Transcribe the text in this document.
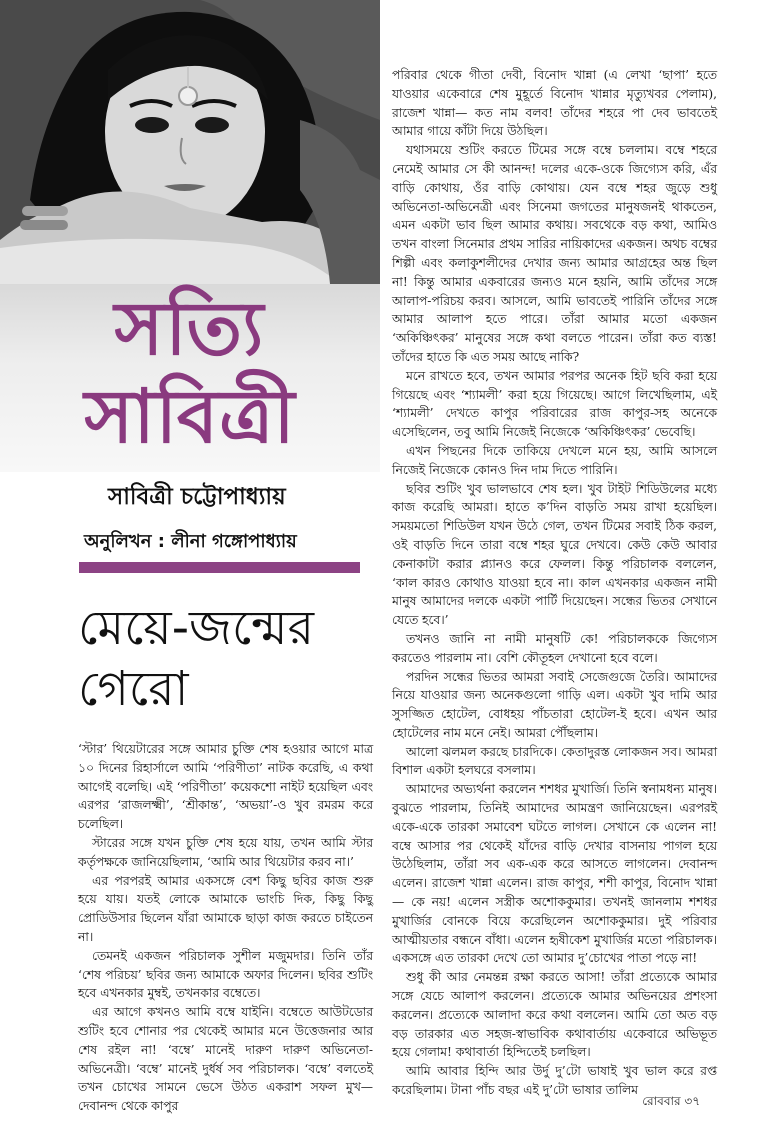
সত্যি
সাবিত্রী
সাবিত্রী চট্টোপাধ্যায়
অনুলিখন : লীনা গঙ্গোপাধ্যায়
মেয়ে-জন্মের
গেরো

‘স্টার’ থিয়েটারের সঙ্গে আমার চুক্তি শেষ হওয়ার আগে মাত্র ১০ দিনের রিহার্সালে আমি ‘পরিণীতা’ নাটক করেছি, এ কথা আগেই বলেছি। এই ‘পরিণীতা’ কয়েকশো নাইট হয়েছিল এবং এরপর ‘রাজলক্ষ্মী’, ‘শ্রীকান্ত’, ‘অভয়া’-ও খুব রমরম করে চলেছিল।

স্টারের সঙ্গে যখন চুক্তি শেষ হয়ে যায়, তখন আমি স্টার কর্তৃপক্ষকে জানিয়েছিলাম, ‘আমি আর থিয়েটার করব না।’

এর পরপরই আমার একসঙ্গে বেশ কিছু ছবির কাজ শুরু হয়ে যায়। যতই লোকে আমাকে ভাংচি দিক, কিছু কিছু প্রোডিউসার ছিলেন যাঁরা আমাকে ছাড়া কাজ করতে চাইতেন না।

তেমনই একজন পরিচালক সুশীল মজুমদার। তিনি তাঁর ‘শেষ পরিচয়’ ছবির জন্য আমাকে অফার দিলেন। ছবির শুটিং হবে এখনকার মুম্বই, তখনকার বম্বেতে।

এর আগে কখনও আমি বম্বে যাইনি। বম্বেতে আউটডোর শুটিং হবে শোনার পর থেকেই আমার মনে উত্তেজনার আর শেষ রইল না! ‘বম্বে’ মানেই দারুণ দারুণ অভিনেতা-অভিনেত্রী। ‘বম্বে’ মানেই দুর্ধর্ষ সব পরিচালক। ‘বম্বে’ বলতেই তখন চোখের সামনে ভেসে উঠত একরাশ সফল মুখ— দেবানন্দ থেকে কাপুর

পরিবার থেকে গীতা দেবী, বিনোদ খান্না (এ লেখা ‘ছাপা’ হতে যাওয়ার একেবারে শেষ মুহূর্তে বিনোদ খান্নার মৃত্যুখবর পেলাম), রাজেশ খান্না— কত নাম বলব! তাঁদের শহরে পা দেব ভাবতেই আমার গায়ে কাঁটা দিয়ে উঠছিল।

যথাসময়ে শুটিং করতে টিমের সঙ্গে বম্বে চললাম। বম্বে শহরে নেমেই আমার সে কী আনন্দ! দলের একে-ওকে জিগ্যেস করি, এঁর বাড়ি কোথায়, ওঁর বাড়ি কোথায়। যেন বম্বে শহর জুড়ে শুধু অভিনেতা-অভিনেত্রী এবং সিনেমা জগতের মানুষজনই থাকতেন, এমন একটা ভাব ছিল আমার কথায়। সবথেকে বড় কথা, আমিও তখন বাংলা সিনেমার প্রথম সারির নায়িকাদের একজন। অথচ বম্বের শিল্পী এবং কলাকুশলীদের দেখার জন্য আমার আগ্রহের অন্ত ছিল না! কিন্তু আমার একবারের জন্যও মনে হয়নি, আমি তাঁদের সঙ্গে আলাপ-পরিচয় করব। আসলে, আমি ভাবতেই পারিনি তাঁদের সঙ্গে আমার আলাপ হতে পারে। তাঁরা আমার মতো একজন ‘অকিঞ্চিৎকর’ মানুষের সঙ্গে কথা বলতে পারেন। তাঁরা কত ব্যস্ত! তাঁদের হাতে কি এত সময় আছে নাকি?

মনে রাখতে হবে, তখন আমার পরপর অনেক হিট ছবি করা হয়ে গিয়েছে এবং ‘শ্যামলী’ করা হয়ে গিয়েছে। আগে লিখেছিলাম, এই ‘শ্যামলী’ দেখতে কাপুর পরিবারের রাজ কাপুর-সহ অনেকে এসেছিলেন, তবু আমি নিজেই নিজেকে ‘অকিঞ্চিৎকর’ ভেবেছি।

এখন পিছনের দিকে তাকিয়ে দেখলে মনে হয়, আমি আসলে নিজেই নিজেকে কোনও দিন দাম দিতে পারিনি।

ছবির শুটিং খুব ভালভাবে শেষ হল। খুব টাইট শিডিউলের মধ্যে কাজ করেছি আমরা। হাতে ক’দিন বাড়তি সময় রাখা হয়েছিল। সময়মতো শিডিউল যখন উঠে গেল, তখন টিমের সবাই ঠিক করল, ওই বাড়তি দিনে তারা বম্বে শহর ঘুরে দেখবে। কেউ কেউ আবার কেনাকাটা করার প্ল্যানও করে ফেলল। কিন্তু পরিচালক বললেন, ‘কাল কারও কোথাও যাওয়া হবে না। কাল এখনকার একজন নামী মানুষ আমাদের দলকে একটা পার্টি দিয়েছেন। সন্ধের ভিতর সেখানে যেতে হবে।’

তখনও জানি না নামী মানুষটি কে! পরিচালককে জিগ্যেস করতেও পারলাম না। বেশি কৌতূহল দেখানো হবে বলে।

পরদিন সন্ধের ভিতর আমরা সবাই সেজেগুজে তৈরি। আমাদের নিয়ে যাওয়ার জন্য অনেকগুলো গাড়ি এল। একটা খুব দামি আর সুসজ্জিত হোটেল, বোধহয় পাঁচতারা হোটেল-ই হবে। এখন আর হোটেলের নাম মনে নেই। আমরা পৌঁছলাম।

আলো ঝলমল করছে চারদিকে। কেতাদুরস্ত লোকজন সব। আমরা বিশাল একটা হলঘরে বসলাম।

আমাদের অভ্যর্থনা করলেন শশধর মুখার্জি। তিনি স্বনামধন্য মানুষ। বুঝতে পারলাম, তিনিই আমাদের আমন্ত্রণ জানিয়েছেন। এরপরই একে-একে তারকা সমাবেশ ঘটতে লাগল। সেখানে কে এলেন না! বম্বে আসার পর থেকেই যাঁদের বাড়ি দেখার বাসনায় পাগল হয়ে উঠেছিলাম, তাঁরা সব এক-এক করে আসতে লাগলেন। দেবানন্দ এলেন। রাজেশ খান্না এলেন। রাজ কাপুর, শশী কাপুর, বিনোদ খান্না— কে নয়! এলেন সস্ত্রীক অশোককুমার। তখনই জানলাম শশধর মুখার্জির বোনকে বিয়ে করেছিলেন অশোককুমার। দুই পরিবার আত্মীয়তার বন্ধনে বাঁধা। এলেন হৃষীকেশ মুখার্জির মতো পরিচালক। একসঙ্গে এত তারকা দেখে তো আমার দু’চোখের পাতা পড়ে না!

শুধু কী আর নেমন্তন্ন রক্ষা করতে আসা! তাঁরা প্রত্যেকে আমার সঙ্গে যেচে আলাপ করলেন। প্রত্যেকে আমার অভিনয়ের প্রশংসা করলেন। প্রত্যেকে আলাদা করে কথা বললেন। আমি তো অত বড় বড় তারকার এত সহজ-স্বাভাবিক কথাবার্তায় একেবারে অভিভূত হয়ে গেলাম! কথাবার্তা হিন্দিতেই চলছিল।

আমি আবার হিন্দি আর উর্দু দু’টো ভাষাই খুব ভাল করে রপ্ত করেছিলাম। টানা পাঁচ বছর এই দু’টো ভাষার তালিম

রোববার ৩৭
